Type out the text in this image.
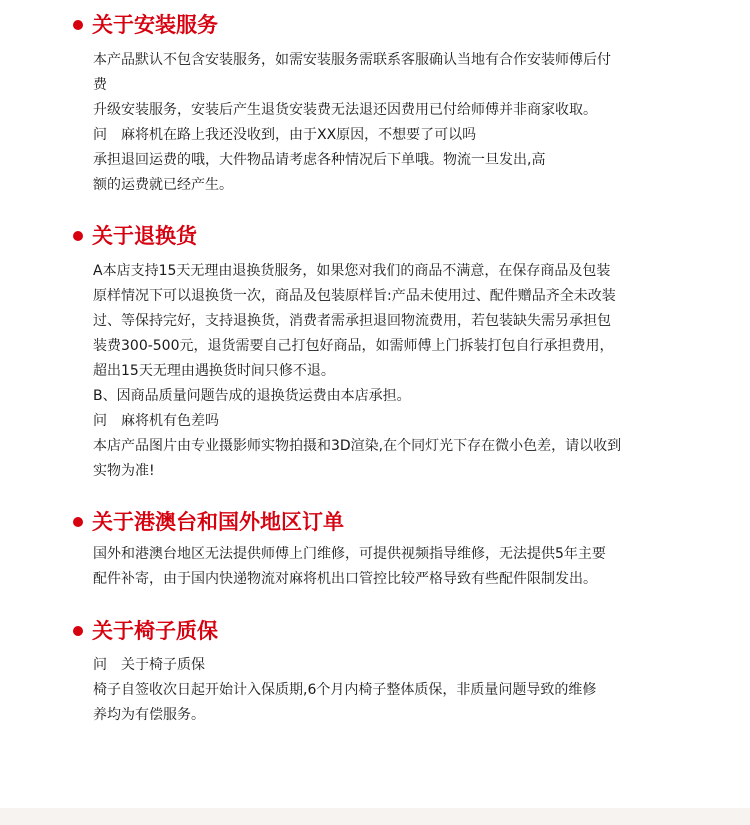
关于安装服务
本产品默认不包含安装服务，如需安装服务需联系客服确认当地有合作安装师傅后付
费
升级安装服务，安装后产生退货安装费无法退还因费用已付给师傅并非商家收取。
问　麻将机在路上我还没收到，由于XX原因，不想要了可以吗
承担退回运费的哦，大件物品请考虑各种情况后下单哦。物流一旦发出,高
额的运费就已经产生。
关于退换货
A本店支持15天无理由退换货服务，如果您对我们的商品不满意，在保存商品及包装
原样情况下可以退换货一次，商品及包装原样旨:产品未使用过、配件赠品齐全未改装
过、等保持完好，支持退换货，消费者需承担退回物流费用，若包装缺失需另承担包
装费300-500元，退货需要自己打包好商品，如需师傅上门拆装打包自行承担费用，
超出15天无理由遇换货时间只修不退。
B、因商品质量问题告成的退换货运费由本店承担。
问　麻将机有色差吗
本店产品图片由专业摄影师实物拍摄和3D渲染,在个同灯光下存在微小色差，请以收到
实物为准!
关于港澳台和国外地区订单
国外和港澳台地区无法提供师傅上门维修，可提供视频指导维修，无法提供5年主要
配件补寄，由于国内快递物流对麻将机出口管控比较严格导致有些配件限制发出。
关于椅子质保
问　关于椅子质保
椅子自签收次日起开始计入保质期,6个月内椅子整体质保，非质量问题导致的维修
养均为有偿服务。
